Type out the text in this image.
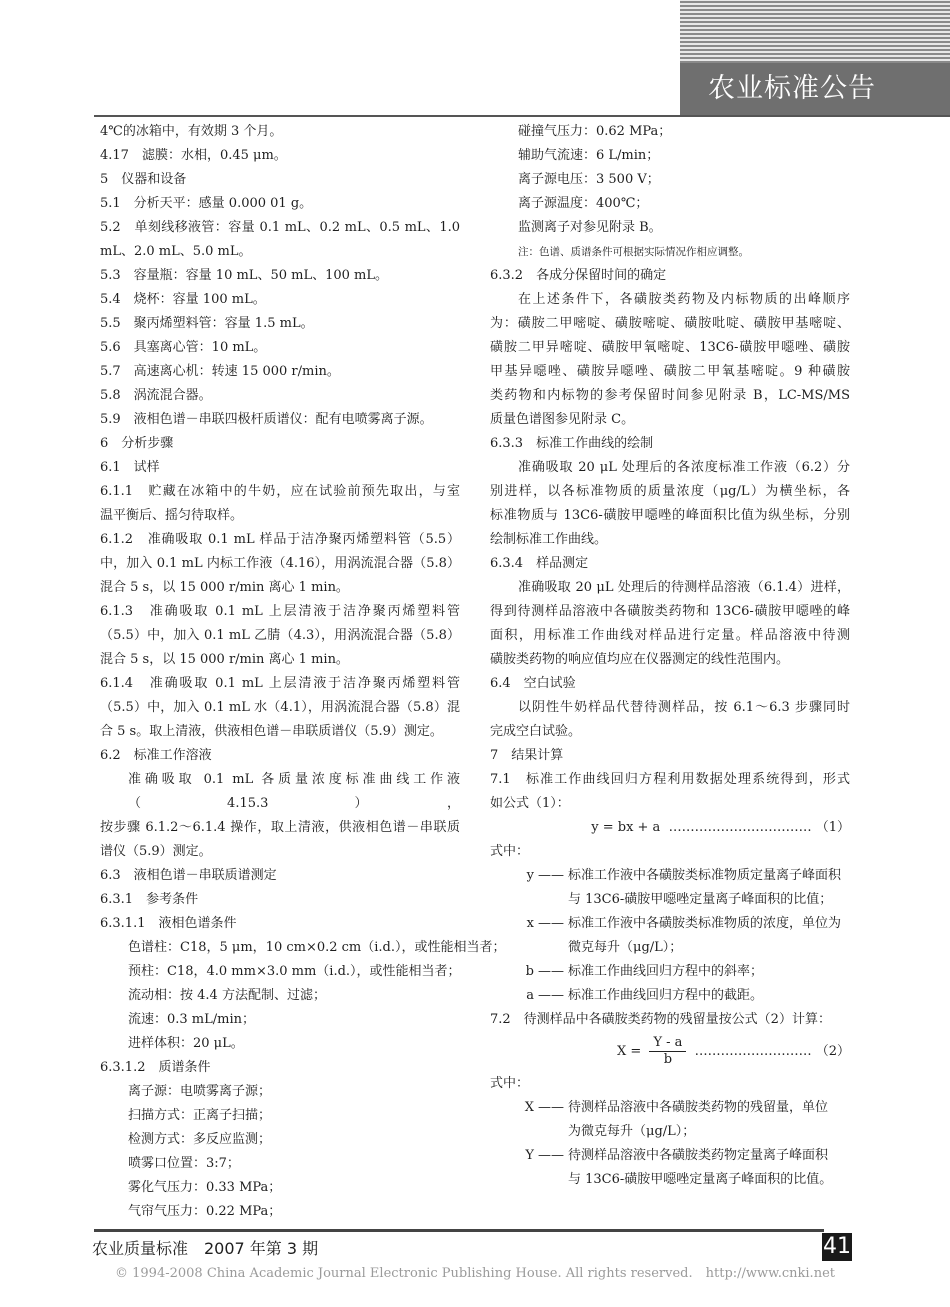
农业标准公告
4℃的冰箱中，有效期 3 个月。
4.17　滤膜：水相，0.45 μm。
5　仪器和设备
5.1　分析天平：感量 0.000 01 g。
5.2　单刻线移液管：容量 0.1 mL、0.2 mL、0.5 mL、1.0
mL、2.0 mL、5.0 mL。
5.3　容量瓶：容量 10 mL、50 mL、100 mL。
5.4　烧杯：容量 100 mL。
5.5　聚丙烯塑料管：容量 1.5 mL。
5.6　具塞离心管：10 mL。
5.7　高速离心机：转速 15 000 r/min。
5.8　涡流混合器。
5.9　液相色谱－串联四极杆质谱仪：配有电喷雾离子源。
6　分析步骤
6.1　试样
6.1.1　贮藏在冰箱中的牛奶，应在试验前预先取出，与室
温平衡后、摇匀待取样。
6.1.2　准确吸取 0.1 mL 样品于洁净聚丙烯塑料管（5.5）
中，加入 0.1 mL 内标工作液（4.16），用涡流混合器（5.8）
混合 5 s，以 15 000 r/min 离心 1 min。
6.1.3　准确吸取 0.1 mL 上层清液于洁净聚丙烯塑料管
（5.5）中，加入 0.1 mL 乙腈（4.3），用涡流混合器（5.8）
混合 5 s，以 15 000 r/min 离心 1 min。
6.1.4　准确吸取 0.1 mL 上层清液于洁净聚丙烯塑料管
（5.5）中，加入 0.1 mL 水（4.1），用涡流混合器（5.8）混
合 5 s。取上清液，供液相色谱－串联质谱仪（5.9）测定。
6.2　标准工作溶液
准确吸取 0.1 mL 各质量浓度标准曲线工作液（4.15.3），
按步骤 6.1.2～6.1.4 操作，取上清液，供液相色谱－串联质
谱仪（5.9）测定。
6.3　液相色谱－串联质谱测定
6.3.1　参考条件
6.3.1.1　液相色谱条件
色谱柱：C18，5 μm，10 cm×0.2 cm（i.d.），或性能相当者；
预柱：C18，4.0 mm×3.0 mm（i.d.），或性能相当者；
流动相：按 4.4 方法配制、过滤；
流速：0.3 mL/min；
进样体积：20 μL。
6.3.1.2　质谱条件
离子源：电喷雾离子源；
扫描方式：正离子扫描；
检测方式：多反应监测；
喷雾口位置：3:7；
雾化气压力：0.33 MPa；
气帘气压力：0.22 MPa；
碰撞气压力：0.62 MPa；
辅助气流速：6 L/min；
离子源电压：3 500 V；
离子源温度：400℃；
监测离子对参见附录 B。
注：色谱、质谱条件可根据实际情况作相应调整。
6.3.2　各成分保留时间的确定
在上述条件下，各磺胺类药物及内标物质的出峰顺序
为：磺胺二甲嘧啶、磺胺嘧啶、磺胺吡啶、磺胺甲基嘧啶、
磺胺二甲异嘧啶、磺胺甲氧嘧啶、13C6-磺胺甲噁唑、磺胺
甲基异噁唑、磺胺异噁唑、磺胺二甲氧基嘧啶。9 种磺胺
类药物和内标物的参考保留时间参见附录 B，LC-MS/MS
质量色谱图参见附录 C。
6.3.3　标准工作曲线的绘制
准确吸取 20 μL 处理后的各浓度标准工作液（6.2）分
别进样，以各标准物质的质量浓度（μg/L）为横坐标，各
标准物质与 13C6-磺胺甲噁唑的峰面积比值为纵坐标，分别
绘制标准工作曲线。
6.3.4　样品测定
准确吸取 20 μL 处理后的待测样品溶液（6.1.4）进样，
得到待测样品溶液中各磺胺类药物和 13C6-磺胺甲噁唑的峰
面积，用标准工作曲线对样品进行定量。样品溶液中待测
磺胺类药物的响应值均应在仪器测定的线性范围内。
6.4　空白试验
以阴性牛奶样品代替待测样品，按 6.1～6.3 步骤同时
完成空白试验。
7　结果计算
7.1　标准工作曲线回归方程利用数据处理系统得到，形式
如公式（1）：
y = bx + a …………………………… （1）
式中：
y —— 标准工作液中各磺胺类标准物质定量离子峰面积
与 13C6-磺胺甲噁唑定量离子峰面积的比值；
x —— 标准工作液中各磺胺类标准物质的浓度，单位为
微克每升（μg/L）；
b —— 标准工作曲线回归方程中的斜率；
a —— 标准工作曲线回归方程中的截距。
7.2　待测样品中各磺胺类药物的残留量按公式（2）计算：
$X = \frac{Y - a}{b}$ ……………………… （2）
式中：
X —— 待测样品溶液中各磺胺类药物的残留量，单位
为微克每升（μg/L）；
Y —— 待测样品溶液中各磺胺类药物定量离子峰面积
与 13C6-磺胺甲噁唑定量离子峰面积的比值。
农业质量标准　2007 年第 3 期	41
© 1994-2008 China Academic Journal Electronic Publishing House. All rights reserved.　http://www.cnki.net
